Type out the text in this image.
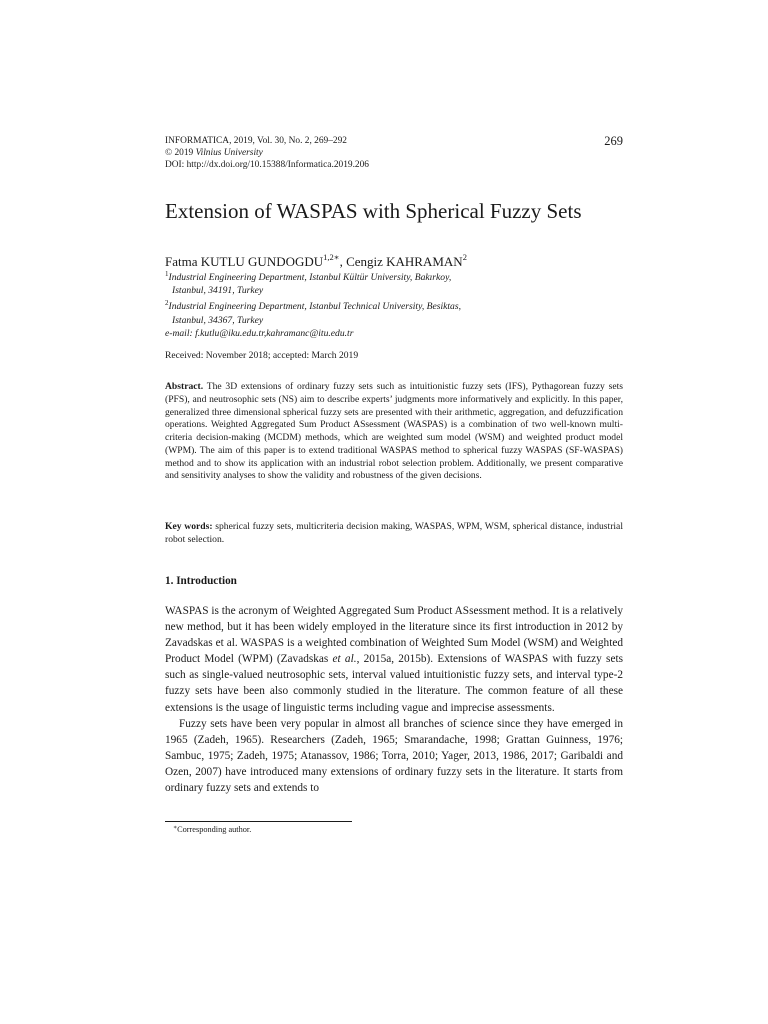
INFORMATICA, 2019, Vol. 30, No. 2, 269–292
© 2019 Vilnius University
DOI: http://dx.doi.org/10.15388/Informatica.2019.206
269
Extension of WASPAS with Spherical Fuzzy Sets
Fatma KUTLU $GUNDOGDU^{1,2∗}$, Cengiz KAHRAMAN$^2$
$^1$Industrial Engineering Department, Istanbul Kültür University, Bakırkoy,
Istanbul, 34191, Turkey
$^2$Industrial Engineering Department, Istanbul Technical University, Besiktas,
Istanbul, 34367, Turkey
e-mail: f.kutlu@iku.edu.tr,kahramanc@itu.edu.tr
Received: November 2018; accepted: March 2019
Abstract. The 3D extensions of ordinary fuzzy sets such as intuitionistic fuzzy sets (IFS), Pythagorean fuzzy sets (PFS), and neutrosophic sets (NS) aim to describe experts’ judgments more informatively and explicitly. In this paper, generalized three dimensional spherical fuzzy sets are presented with their arithmetic, aggregation, and defuzzification operations. Weighted Aggregated Sum Product ASsessment (WASPAS) is a combination of two well-known multi-criteria decision-making (MCDM) methods, which are weighted sum model (WSM) and weighted product model (WPM). The aim of this paper is to extend traditional WASPAS method to spherical fuzzy WASPAS (SF-WASPAS) method and to show its application with an industrial robot selection problem. Additionally, we present comparative and sensitivity analyses to show the validity and robustness of the given decisions.
Key words: spherical fuzzy sets, multicriteria decision making, WASPAS, WPM, WSM, spherical distance, industrial robot selection.
1. Introduction

WASPAS is the acronym of Weighted Aggregated Sum Product ASsessment method. It is a relatively new method, but it has been widely employed in the literature since its first introduction in 2012 by Zavadskas et al. WASPAS is a weighted combination of Weighted Sum Model (WSM) and Weighted Product Model (WPM) (Zavadskas et al., 2015a, 2015b). Extensions of WASPAS with fuzzy sets such as single-valued neutrosophic sets, interval valued intuitionistic fuzzy sets, and interval type-2 fuzzy sets have been also commonly studied in the literature. The common feature of all these extensions is the usage of linguistic terms including vague and imprecise assessments.

Fuzzy sets have been very popular in almost all branches of science since they have emerged in 1965 (Zadeh, 1965). Researchers (Zadeh, 1965; Smarandache, 1998; Grattan Guinness, 1976; Sambuc, 1975; Zadeh, 1975; Atanassov, 1986; Torra, 2010; Yager, 2013, 1986, 2017; Garibaldi and Ozen, 2007) have introduced many extensions of ordinary fuzzy sets in the literature. It starts from ordinary fuzzy sets and extends to

∗Corresponding author.
